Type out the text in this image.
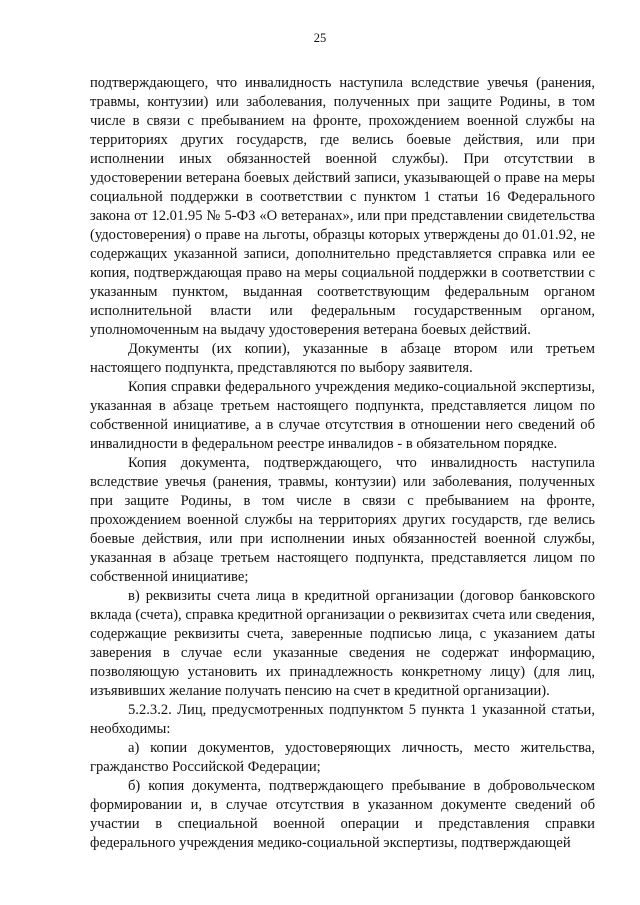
25

подтверждающего, что инвалидность наступила вследствие увечья (ранения, травмы, контузии) или заболевания, полученных при защите Родины, в том числе в связи с пребыванием на фронте, прохождением военной службы на территориях других государств, где велись боевые действия, или при исполнении иных обязанностей военной службы). При отсутствии в удостоверении ветерана боевых действий записи, указывающей о праве на меры социальной поддержки в соответствии с пунктом 1 статьи 16 Федерального закона от 12.01.95 № 5-ФЗ «О ветеранах», или при представлении свидетельства (удостоверения) о праве на льготы, образцы которых утверждены до 01.01.92, не содержащих указанной записи, дополнительно представляется справка или ее копия, подтверждающая право на меры социальной поддержки в соответствии с указанным пунктом, выданная соответствующим федеральным органом исполнительной власти или федеральным государственным органом, уполномоченным на выдачу удостоверения ветерана боевых действий.

Документы (их копии), указанные в абзаце втором или третьем настоящего подпункта, представляются по выбору заявителя.

Копия справки федерального учреждения медико-социальной экспертизы, указанная в абзаце третьем настоящего подпункта, представляется лицом по собственной инициативе, а в случае отсутствия в отношении него сведений об инвалидности в федеральном реестре инвалидов - в обязательном порядке.

Копия документа, подтверждающего, что инвалидность наступила вследствие увечья (ранения, травмы, контузии) или заболевания, полученных при защите Родины, в том числе в связи с пребыванием на фронте, прохождением военной службы на территориях других государств, где велись боевые действия, или при исполнении иных обязанностей военной службы, указанная в абзаце третьем настоящего подпункта, представляется лицом по собственной инициативе;

в) реквизиты счета лица в кредитной организации (договор банковского вклада (счета), справка кредитной организации о реквизитах счета или сведения, содержащие реквизиты счета, заверенные подписью лица, с указанием даты заверения в случае если указанные сведения не содержат информацию, позволяющую установить их принадлежность конкретному лицу) (для лиц, изъявивших желание получать пенсию на счет в кредитной организации).

5.2.3.2. Лиц, предусмотренных подпунктом 5 пункта 1 указанной статьи, необходимы:

а) копии документов, удостоверяющих личность, место жительства, гражданство Российской Федерации;

б) копия документа, подтверждающего пребывание в добровольческом формировании и, в случае отсутствия в указанном документе сведений об участии в специальной военной операции и представления справки федерального учреждения медико-социальной экспертизы, подтверждающей
